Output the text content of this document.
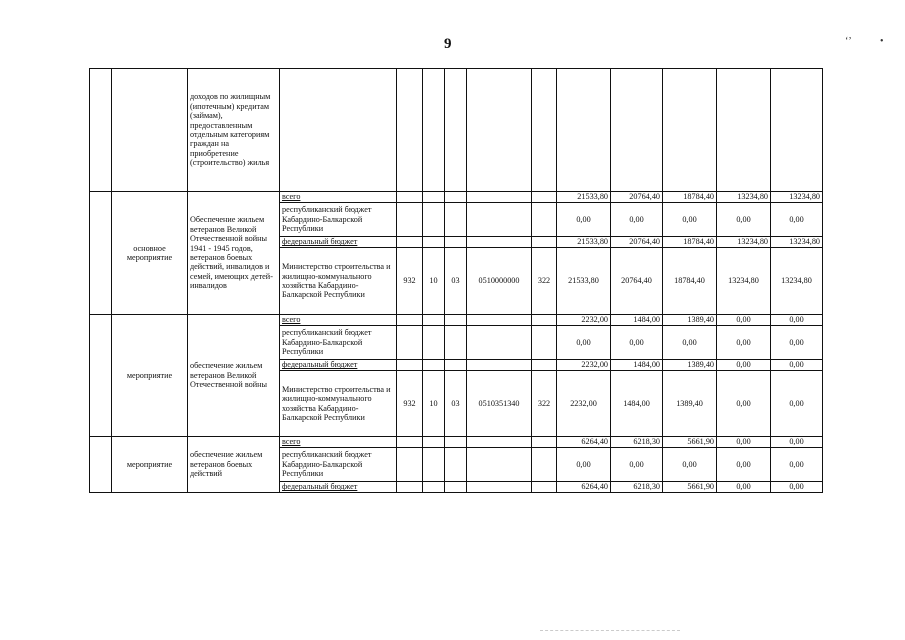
9	ʻʼ	•
		доходов по жилищным (ипотечным) кредитам (займам), предоставленным отдельным категориям граждан на приобретение (строительство) жилья											
	основное мероприятие	Обеспечение жильем ветеранов Великой Отечественной войны 1941 - 1945 годов, ветеранов боевых действий, инвалидов и семей, имеющих детей-инвалидов	всего						21533,80	20764,40	18784,40	13234,80	13234,80
			республиканский бюджет Кабардино-Балкарской Республики						0,00	0,00	0,00	0,00	0,00
			федеральный бюджет						21533,80	20764,40	18784,40	13234,80	13234,80
			Министерство строительства и жилищно-коммунального хозяйства Кабардино-Балкарской Республики	932	10	03	0510000000	322	21533,80	20764,40	18784,40	13234,80	13234,80
	мероприятие	обеспечение жильем ветеранов Великой Отечественной войны	всего						2232,00	1484,00	1389,40	0,00	0,00
			республиканский бюджет Кабардино-Балкарской Республики						0,00	0,00	0,00	0,00	0,00
			федеральный бюджет						2232,00	1484,00	1389,40	0,00	0,00
			Министерство строительства и жилищно-коммунального хозяйства Кабардино-Балкарской Республики	932	10	03	0510351340	322	2232,00	1484,00	1389,40	0,00	0,00
	мероприятие	обеспечение жильем ветеранов боевых действий	всего						6264,40	6218,30	5661,90	0,00	0,00
			республиканский бюджет Кабардино-Балкарской Республики						0,00	0,00	0,00	0,00	0,00
			федеральный бюджет						6264,40	6218,30	5661,90	0,00	0,00
